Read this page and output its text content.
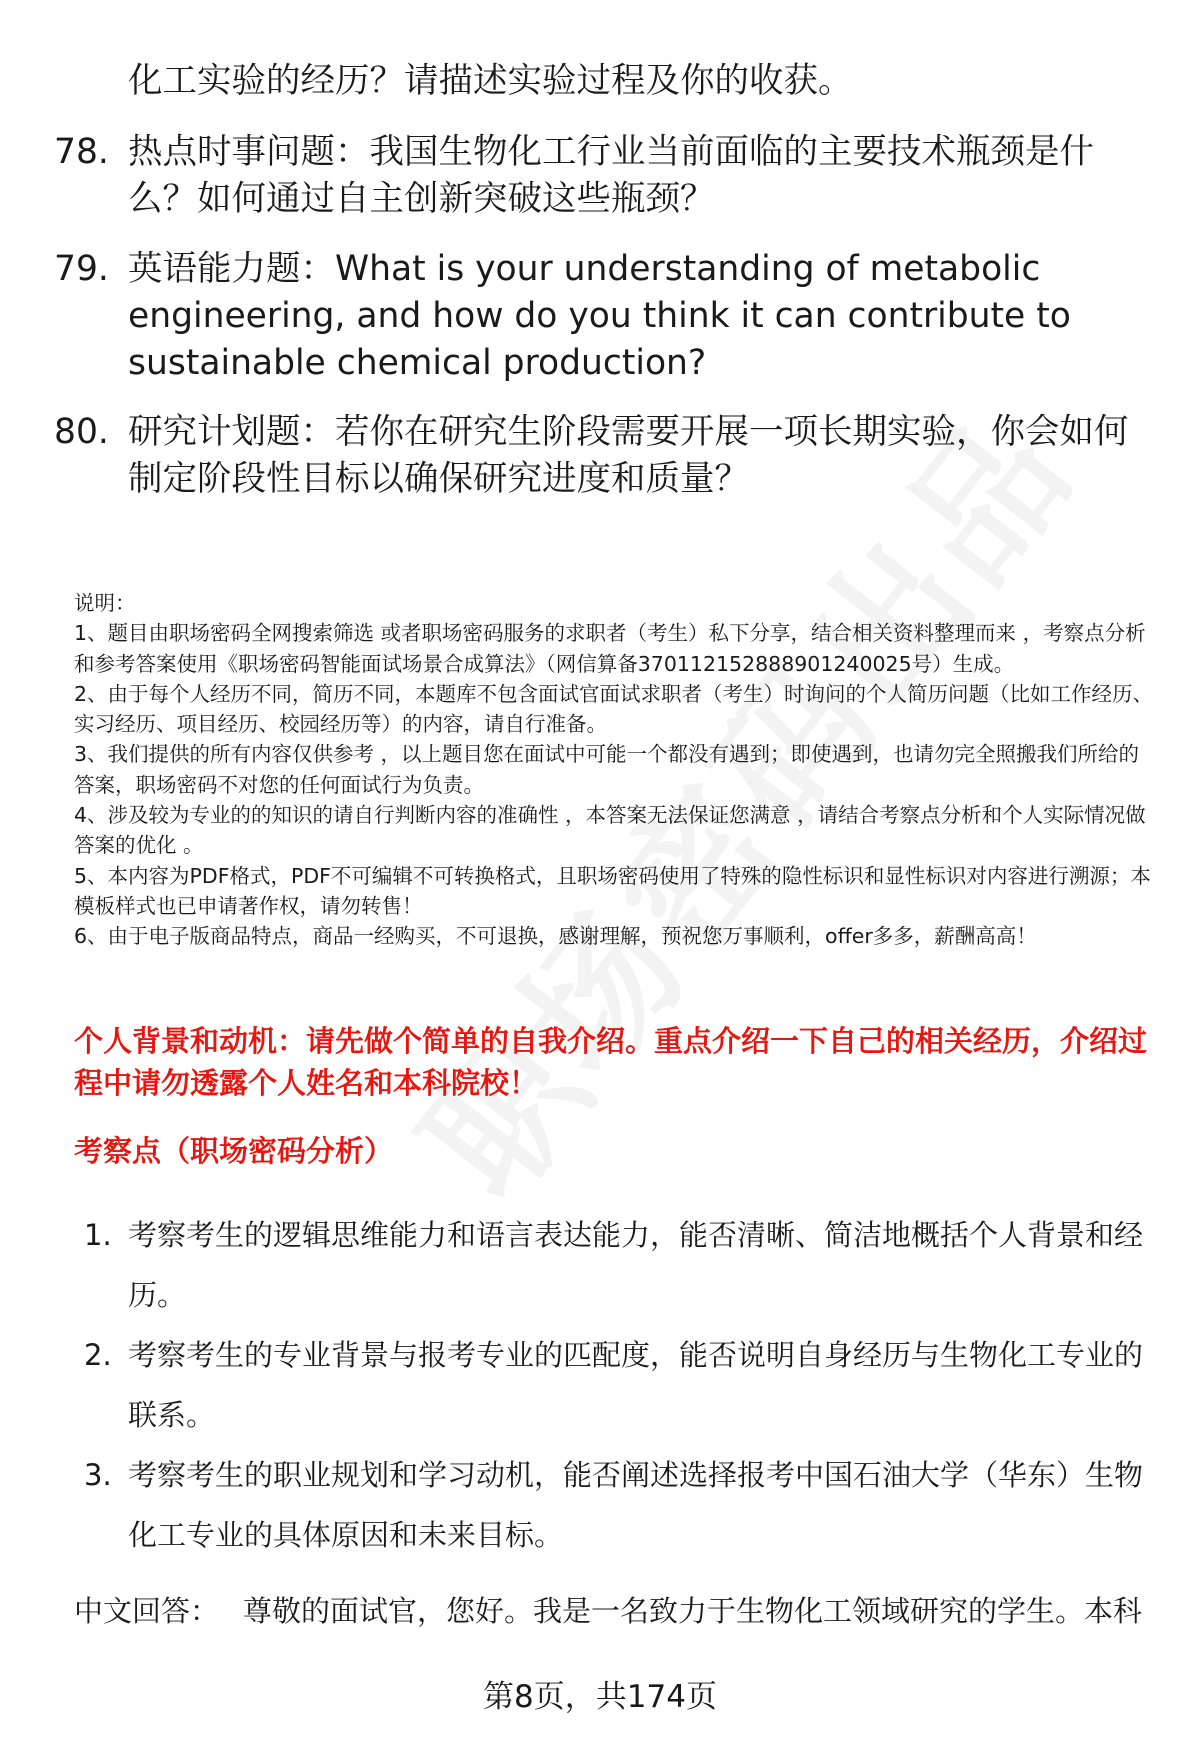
化工实验的经历？请描述实验过程及你的收获。
78. 热点时事问题：我国生物化工行业当前面临的主要技术瓶颈是什么？如何通过自主创新突破这些瓶颈？
79. 英语能力题：What is your understanding of metabolic engineering, and how do you think it can contribute to sustainable chemical production?
80. 研究计划题：若你在研究生阶段需要开展一项长期实验，你会如何制定阶段性目标以确保研究进度和质量？

说明：

1、题目由职场密码全网搜索筛选 或者职场密码服务的求职者（考生）私下分享，结合相关资料整理而来 ，考察点分析和参考答案使用《职场密码智能面试场景合成算法》（网信算备370112152888901240025号）生成。

2、由于每个人经历不同，简历不同，本题库不包含面试官面试求职者（考生）时询问的个人简历问题（比如工作经历、实习经历、项目经历、校园经历等）的内容，请自行准备。

3、我们提供的所有内容仅供参考 ，以上题目您在面试中可能一个都没有遇到；即使遇到，也请勿完全照搬我们所给的答案，职场密码不对您的任何面试行为负责。

4、涉及较为专业的的知识的请自行判断内容的准确性 ，本答案无法保证您满意 ，请结合考察点分析和个人实际情况做答案的优化 。

5、本内容为PDF格式，PDF不可编辑不可转换格式，且职场密码使用了特殊的隐性标识和显性标识对内容进行溯源；本模板样式也已申请著作权，请勿转售！

6、由于电子版商品特点，商品一经购买，不可退换，感谢理解，预祝您万事顺利，offer多多，薪酬高高！

个人背景和动机：请先做个简单的自我介绍。重点介绍一下自己的相关经历，介绍过程中请勿透露个人姓名和本科院校！
考察点（职场密码分析）
1. 考察考生的逻辑思维能力和语言表达能力，能否清晰、简洁地概括个人背景和经历。
2. 考察考生的专业背景与报考专业的匹配度，能否说明自身经历与生物化工专业的联系。
3. 考察考生的职业规划和学习动机，能否阐述选择报考中国石油大学（华东）生物化工专业的具体原因和未来目标。
中文回答： 尊敬的面试官，您好。我是一名致力于生物化工领域研究的学生。本科
第8页，共174页
